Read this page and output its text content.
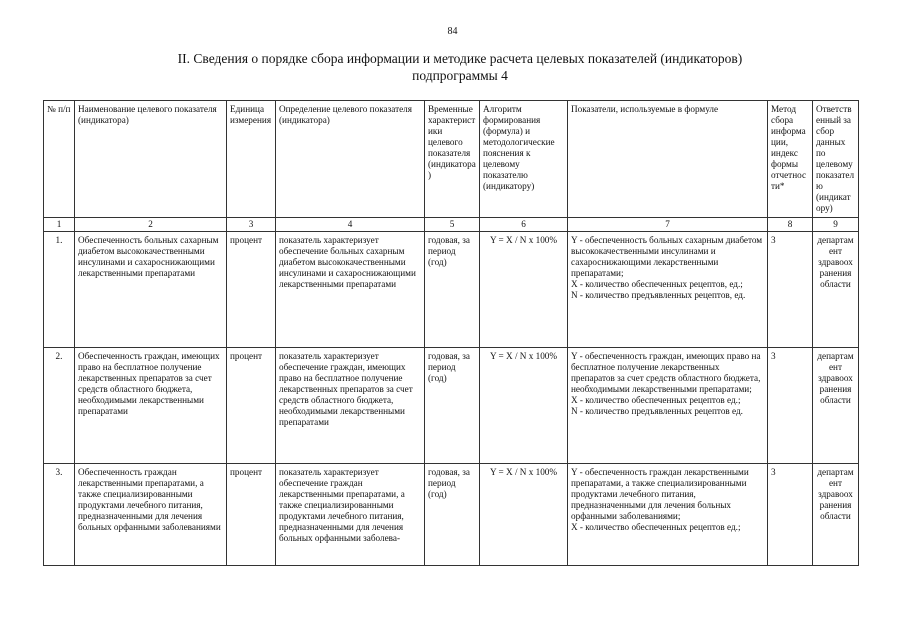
84
II. Сведения о порядке сбора информации и методике расчета целевых показателей (индикаторов)
подпрограммы 4
№ п/п	Наименование целевого показателя (индикатора)	Единица измерения	Определение целевого показателя (индикатора)	Временные характеристики целевого показателя (индикатора)	Алгоритм формирования (формула) и методологические пояснения к целевому показателю (индикатору)	Показатели, используемые в формуле	Метод сбора информации, индекс формы отчетности*	Ответственный за сбор данных по целевому показателю (индикатору)
1	2	3	4	5	6	7	8	9
1.	Обеспеченность больных сахарным диабетом высококачественными инсулинами и сахароснижающими лекарственными препаратами	процент	показатель характеризует обеспечение больных сахарным диабетом высококачественными инсулинами и сахароснижающими лекарственными препаратами	годовая, за период (год)	Y = X / N x 100%	Y - обеспеченность больных сахарным диабетом высококачественными инсулинами и сахароснижающими лекарственными препаратами;
X - количество обеспеченных рецептов, ед.;
N - количество предъявленных рецептов, ед.	3	департамент здравоохранения области
2.	Обеспеченность граждан, имеющих право на бесплатное получение лекарственных препаратов за счет средств областного бюджета, необходимыми лекарственными препаратами	процент	показатель характеризует обеспечение граждан, имеющих право на бесплатное получение лекарственных препаратов за счет средств областного бюджета, необходимыми лекарственными препаратами	годовая, за период (год)	Y = X / N x 100%	Y - обеспеченность граждан, имеющих право на бесплатное получение лекарственных препаратов за счет средств областного бюджета, необходимыми лекарственными препаратами;
X - количество обеспеченных рецептов ед.;
N - количество предъявленных рецептов ед.	3	департамент здравоохранения области
3.	Обеспеченность граждан лекарственными препаратами, а также специализированными продуктами лечебного питания, предназначенными для лечения больных орфанными заболеваниями	процент	показатель характеризует обеспечение граждан лекарственными препаратами, а также специализированными продуктами лечебного питания, предназначенными для лечения больных орфанными заболева-	годовая, за период (год)	Y = X / N x 100%	Y - обеспеченность граждан лекарственными препаратами, а также специализированными продуктами лечебного питания, предназначенными для лечения больных орфанными заболеваниями;
X - количество обеспеченных рецептов ед.;	3	департамент здравоохранения области
